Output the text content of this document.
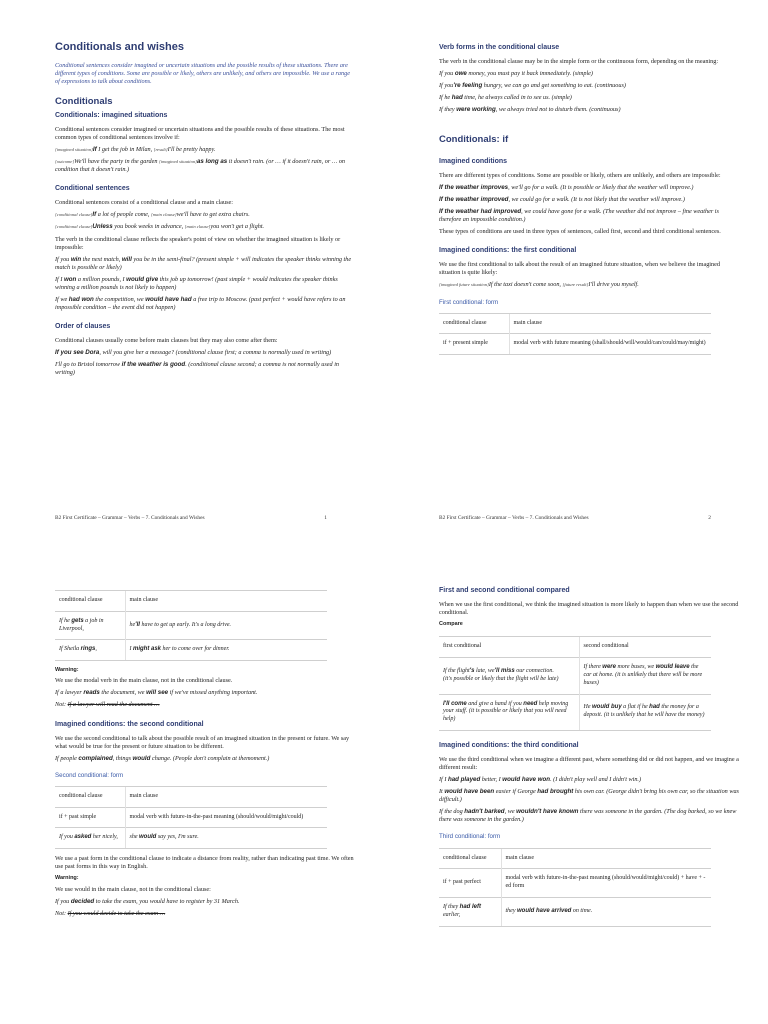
Conditionals and wishes

Conditional sentences consider imagined or uncertain situations and the possible results of these situations. There are different types of conditions. Some are possible or likely, others are unlikely, and others are impossible. We use a range of expressions to talk about conditions.

Conditionals
Conditionals: imagined situations

Conditional sentences consider imagined or uncertain situations and the possible results of these situations. The most common types of conditional sentences involve if:

[imagined situation]If I get the job in Milan, [result]I'll be pretty happy.

[outcome]We'll have the party in the garden [imagined situation]as long as it doesn't rain. (or … if it doesn't rain, or … on condition that it doesn't rain.)

Conditional sentences

Conditional sentences consist of a conditional clause and a main clause:

[conditional clause]If a lot of people come, [main clause]we'll have to get extra chairs.

[conditional clause]Unless you book weeks in advance, [main clause]you won't get a flight.

The verb in the conditional clause reflects the speaker's point of view on whether the imagined situation is likely or impossible:

If you win the next match, will you be in the semi-final? (present simple + will indicates the speaker thinks winning the match is possible or likely)

If I won a million pounds, I would give this job up tomorrow! (past simple + would indicates the speaker thinks winning a million pounds is not likely to happen)

If we had won the competition, we would have had a free trip to Moscow. (past perfect + would have refers to an impossible condition – the event did not happen)

Order of clauses

Conditional clauses usually come before main clauses but they may also come after them:

If you see Dora, will you give her a message? (conditional clause first; a comma is normally used in writing)

I'll go to Bristol tomorrow if the weather is good. (conditional clause second; a comma is not normally used in writing)

B2 First Certificate – Grammar – Verbs – 7. Conditionals and Wishes	1
Verb forms in the conditional clause

The verb in the conditional clause may be in the simple form or the continuous form, depending on the meaning:

If you owe money, you must pay it back immediately. (simple)

If you're feeling hungry, we can go and get something to eat. (continuous)

If he had time, he always called in to see us. (simple)

If they were working, we always tried not to disturb them. (continuous)

Conditionals: if
Imagined conditions

There are different types of conditions. Some are possible or likely, others are unlikely, and others are impossible:

If the weather improves, we'll go for a walk. (It is possible or likely that the weather will improve.)

If the weather improved, we could go for a walk. (It is not likely that the weather will improve.)

If the weather had improved, we could have gone for a walk. (The weather did not improve – fine weather is therefore an impossible condition.)

These types of conditions are used in three types of sentences, called first, second and third conditional sentences.

Imagined conditions: the first conditional

We use the first conditional to talk about the result of an imagined future situation, when we believe the imagined situation is quite likely:

[imagined future situation]If the taxi doesn't come soon, [future result]I'll drive you myself.

First conditional: form
conditional clause	main clause
if + present simple	modal verb with future meaning (shall/should/will/would/can/could/may/might)
B2 First Certificate – Grammar – Verbs – 7. Conditionals and Wishes	2
conditional clause	main clause
If he gets a job in Liverpool,	he'll have to get up early. It's a long drive.
If Sheila rings,	I might ask her to come over for dinner.

Warning:

We use the modal verb in the main clause, not in the conditional clause.

If a lawyer reads the document, we will see if we've missed anything important.

Not: If a lawyer will read the document …

Imagined conditions: the second conditional

We use the second conditional to talk about the possible result of an imagined situation in the present or future. We say what would be true for the present or future situation to be different.

If people complained, things would change. (People don't complain at themoment.)

Second conditional: form
conditional clause	main clause
if + past simple	modal verb with future-in-the-past meaning (should/would/might/could)
If you asked her nicely,	she would say yes, I'm sure.

We use a past form in the conditional clause to indicate a distance from reality, rather than indicating past time. We often use past forms in this way in English.

Warning:

We use would in the main clause, not in the conditional clause:

If you decided to take the exam, you would have to register by 31 March.

Not: If you would decide to take the exam …

First and second conditional compared

When we use the first conditional, we think the imagined situation is more likely to happen than when we use the second conditional.

Compare

first conditional	second conditional
If the flight's late, we'll miss our connection.
(it's possible or likely that the flight will be late)	If there were more buses, we would leave the car at home. (it is unlikely that there will be more buses)
I'll come and give a hand if you need help moving your stuff. (it is possible or likely that you will need help)	He would buy a flat if he had the money for a deposit. (it is unlikely that he will have the money)
Imagined conditions: the third conditional

We use the third conditional when we imagine a different past, where something did or did not happen, and we imagine a different result:

If I had played better, I would have won. (I didn't play well and I didn't win.)

It would have been easier if George had brought his own car. (George didn't bring his own car, so the situation was difficult.)

If the dog hadn't barked, we wouldn't have known there was someone in the garden. (The dog barked, so we knew there was someone in the garden.)

Third conditional: form
conditional clause	main clause
if + past perfect	modal verb with future-in-the-past meaning (should/would/might/could) + have + -ed form
If they had left earlier,	they would have arrived on time.
